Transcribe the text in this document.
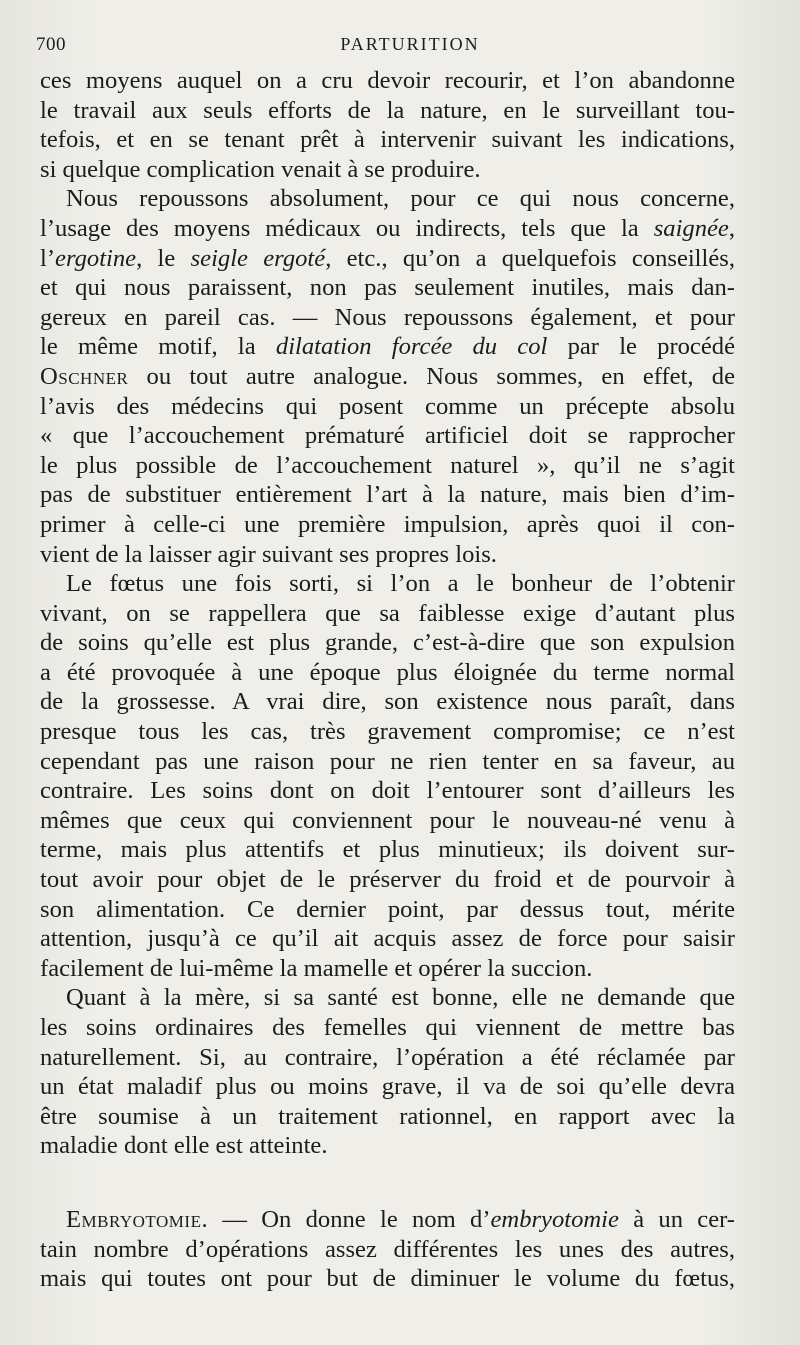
700	PARTURITION
ces moyens auquel on a cru devoir recourir, et l’on abandonne
le travail aux seuls efforts de la nature, en le surveillant tou-
tefois, et en se tenant prêt à intervenir suivant les indications,
si quelque complication venait à se produire.
Nous repoussons absolument, pour ce qui nous concerne,
l’usage des moyens médicaux ou indirects, tels que la saignée,
l’ergotine, le seigle ergoté, etc., qu’on a quelquefois conseillés,
et qui nous paraissent, non pas seulement inutiles, mais dan-
gereux en pareil cas. — Nous repoussons également, et pour
le même motif, la dilatation forcée du col par le procédé
Oschner ou tout autre analogue. Nous sommes, en effet, de
l’avis des médecins qui posent comme un précepte absolu
« que l’accouchement prématuré artificiel doit se rapprocher
le plus possible de l’accouchement naturel », qu’il ne s’agit
pas de substituer entièrement l’art à la nature, mais bien d’im-
primer à celle-ci une première impulsion, après quoi il con-
vient de la laisser agir suivant ses propres lois.
Le fœtus une fois sorti, si l’on a le bonheur de l’obtenir
vivant, on se rappellera que sa faiblesse exige d’autant plus
de soins qu’elle est plus grande, c’est-à-dire que son expulsion
a été provoquée à une époque plus éloignée du terme normal
de la grossesse. A vrai dire, son existence nous paraît, dans
presque tous les cas, très gravement compromise; ce n’est
cependant pas une raison pour ne rien tenter en sa faveur, au
contraire. Les soins dont on doit l’entourer sont d’ailleurs les
mêmes que ceux qui conviennent pour le nouveau-né venu à
terme, mais plus attentifs et plus minutieux; ils doivent sur-
tout avoir pour objet de le préserver du froid et de pourvoir à
son alimentation. Ce dernier point, par dessus tout, mérite
attention, jusqu’à ce qu’il ait acquis assez de force pour saisir
facilement de lui-même la mamelle et opérer la succion.
Quant à la mère, si sa santé est bonne, elle ne demande que
les soins ordinaires des femelles qui viennent de mettre bas
naturellement. Si, au contraire, l’opération a été réclamée par
un état maladif plus ou moins grave, il va de soi qu’elle devra
être soumise à un traitement rationnel, en rapport avec la
maladie dont elle est atteinte.
Embryotomie. — On donne le nom d’embryotomie à un cer-
tain nombre d’opérations assez différentes les unes des autres,
mais qui toutes ont pour but de diminuer le volume du fœtus,
